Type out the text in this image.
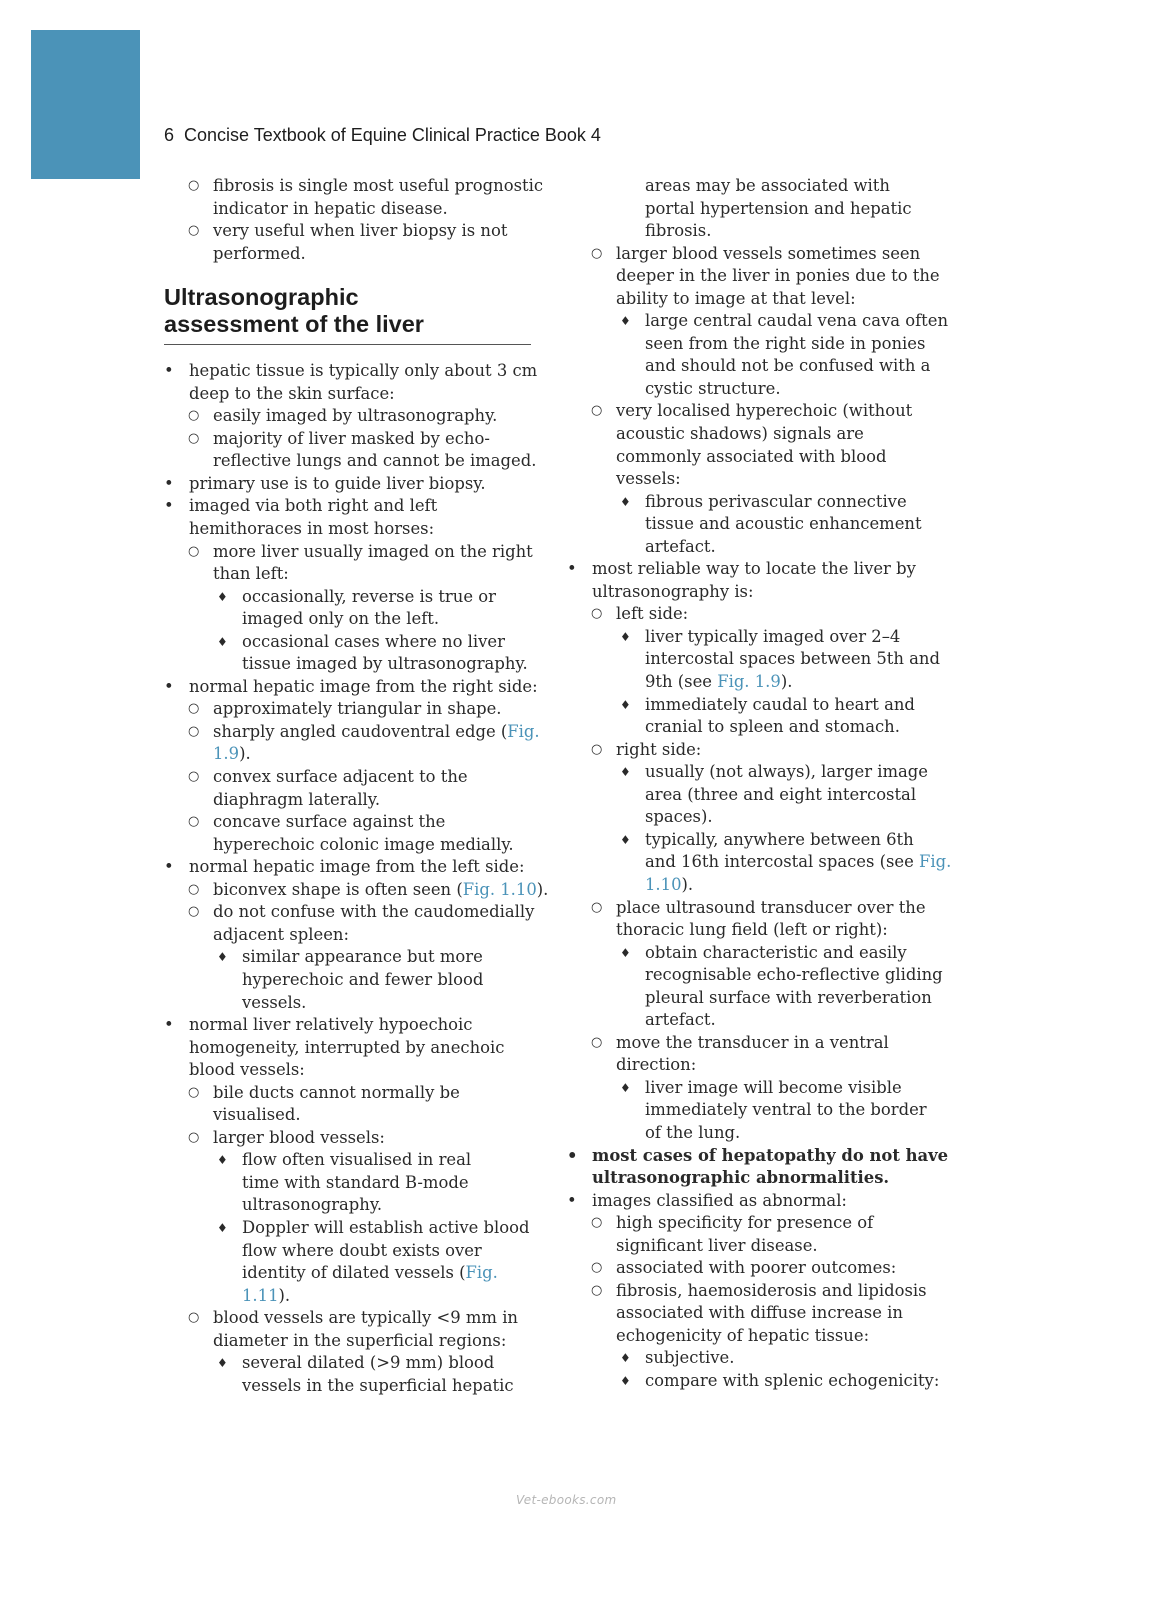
6 Concise Textbook of Equine Clinical Practice Book 4
○ fibrosis is single most useful prognostic
indicator in hepatic disease.
○ very useful when liver biopsy is not
performed.
Ultrasonographic
assessment of the liver
• hepatic tissue is typically only about 3 cm
deep to the skin surface:
○ easily imaged by ultrasonography.
○ majority of liver masked by echo-
reflective lungs and cannot be imaged.
• primary use is to guide liver biopsy.
• imaged via both right and left
hemithoraces in most horses:
○ more liver usually imaged on the right
than left:
♦ occasionally, reverse is true or
imaged only on the left.
♦ occasional cases where no liver
tissue imaged by ultrasonography.
• normal hepatic image from the right side:
○ approximately triangular in shape.
○ sharply angled caudoventral edge (Fig.
1.9).
○ convex surface adjacent to the
diaphragm laterally.
○ concave surface against the
hyperechoic colonic image medially.
• normal hepatic image from the left side:
○ biconvex shape is often seen (Fig. 1.10).
○ do not confuse with the caudomedially
adjacent spleen:
♦ similar appearance but more
hyperechoic and fewer blood
vessels.
• normal liver relatively hypoechoic
homogeneity, interrupted by anechoic
blood vessels:
○ bile ducts cannot normally be
visualised.
○ larger blood vessels:
♦ flow often visualised in real
time with standard B-mode
ultrasonography.
♦ Doppler will establish active blood
flow where doubt exists over
identity of dilated vessels (Fig.
1.11).
○ blood vessels are typically <9 mm in
diameter in the superficial regions:
♦ several dilated (>9 mm) blood
vessels in the superficial hepatic
areas may be associated with
portal hypertension and hepatic
fibrosis.
○ larger blood vessels sometimes seen
deeper in the liver in ponies due to the
ability to image at that level:
♦ large central caudal vena cava often
seen from the right side in ponies
and should not be confused with a
cystic structure.
○ very localised hyperechoic (without
acoustic shadows) signals are
commonly associated with blood
vessels:
♦ fibrous perivascular connective
tissue and acoustic enhancement
artefact.
• most reliable way to locate the liver by
ultrasonography is:
○ left side:
♦ liver typically imaged over 2–4
intercostal spaces between 5th and
9th (see Fig. 1.9).
♦ immediately caudal to heart and
cranial to spleen and stomach.
○ right side:
♦ usually (not always), larger image
area (three and eight intercostal
spaces).
♦ typically, anywhere between 6th
and 16th intercostal spaces (see Fig.
1.10).
○ place ultrasound transducer over the
thoracic lung field (left or right):
♦ obtain characteristic and easily
recognisable echo-reflective gliding
pleural surface with reverberation
artefact.
○ move the transducer in a ventral
direction:
♦ liver image will become visible
immediately ventral to the border
of the lung.
• most cases of hepatopathy do not have
ultrasonographic abnormalities.
• images classified as abnormal:
○ high specificity for presence of
significant liver disease.
○ associated with poorer outcomes:
○ fibrosis, haemosiderosis and lipidosis
associated with diffuse increase in
echogenicity of hepatic tissue:
♦ subjective.
♦ compare with splenic echogenicity:
Vet-ebooks.com
